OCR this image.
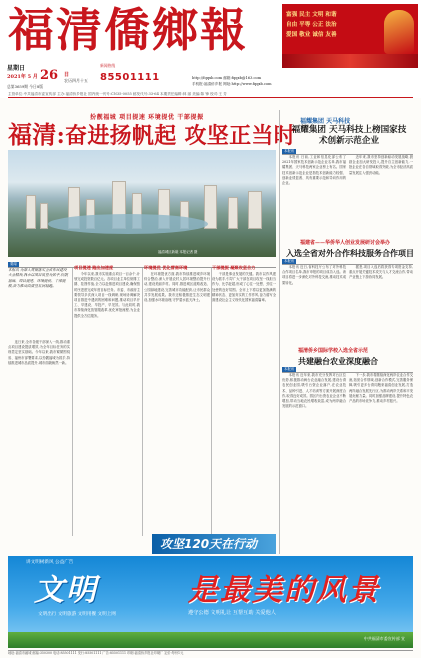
福清僑鄉報	富强 民主 文明 和谐
自由 平等 公正 法治
爱国 敬业 诚信 友善
星期日
2021年 5 月 26 日
农历四月十五
总第3659期 今日8版
新闻热线
85501111	http://fqqxb.com 邮箱:fqqxb@163.com
手机报:福清侨乡报 网址:http://www.fqqxb.com
主管单位:中共福清市委宣传部 主办:福清侨乡报社 国内统一刊号:CN35-0055 邮发代号:33-64 本期责任编辑:林 丽 美编:陈 锋 校对:王 芳
扮靓福城 项目提速 环境提优 干部提振
福清:奋进扬帆起 攻坚正当时
福清城区新貌 本报记者 摄
要闻
本报讯 为深入贯彻落实全省作风建设大会精神,我市以项目攻坚为抓手,扮靓福城、项目提速、环境提优、干部提振,奋力推动高质量发展超越。

连日来,全市各级干部深入一线,推动重点项目建设提质增效,为全年目标任务的实现奠定坚实基础。今年以来,我市紧紧围绕省、福州市部署要求,以扮靓福城为抓手,持续推进城市品质提升,城市面貌焕然一新。

项目提速 跑出加速度

今年以来,我市实施重点项目一百余个,计划完成投资数百亿元。各项目业主单位倒排工期、挂图作战,全力以赴推进项目建设,确保按时序进度完成年度目标任务。市委、市政府主要领导多次深入项目一线调研,现场协调解决项目推进中遇到的困难和问题,推动项目早开工、早建设、早投产、早见效。与此同时,我市持续深化放管服改革,优化审批流程,为企业提供全方位服务。

环境提优 优化营商环境

在环境提优方面,我市持续推进城乡环境综合整治,深入开展农村人居环境整治提升行动,建设美丽乡村。同时,推进城区道路改造、公园绿地建设,完善城市功能配套,让市民群众共享发展成果。我市还积极推进生态文明建设,加强水环境治理,守护碧水蓝天净土。

干部提振 凝聚攻坚合力

干部是事业发展的关键。我市以作风建设为抓手,引导广大干部在项目攻坚一线担当作为、比学赶超,形成了心往一处想、劲往一处使的良好氛围。全市上下将以更加饱满的精神状态、更加务实的工作作风,奋力谱写全面建设社会主义现代化国家福清篇章。

攻坚120天在行动
福耀集团 天马科技
福耀集团 天马科技上榜国家技术创新示范企业
本报讯

本报讯 日前,工业和信息化部公布了2021年国家技术创新示范企业名单,我市福耀集团、天马科技两家企业榜上有名。国家技术创新示范企业是指技术创新能力较强、创新业绩显著、具有重要示范和导向作用的企业。

近年来,我市坚持创新驱动发展战略,鼓励企业加大研发投入,提升自主创新能力,一批企业在各自领域取得突破,为全市经济高质量发展注入强劲动能。

福建省——华侨华人创业发展研讨会举办
入选全省对外合作科技服务合作项目
本报讯

本报讯 近日,省科技厅公布了对外科技合作项目名单,我市申报的项目成功入选。该项目将进一步深化对外科技交流,推动技术成果转化。

据悉,项目入选后将获得专项资金支持,重点开展关键技术攻关与人才交流合作,带动产业链上下游协同发展。

福清侨乡国际学校入选全省示范
共建融台农业深度融合
本报讯

本报讯 近年来,我市充分发挥对台区位优势,积极推动闽台农业融合发展,建设台湾农民创业园,吸引台资企业落户,在农业技术、品种引进、人才培训等方面开展深度合作,取得良好成效。园区内台资农业企业不断增加,带动当地农民增收致富,成为两岸融合发展的示范窗口。

下一步,我市将继续深化两岸农业合作交流,拓宽合作领域,创新合作模式,完善服务保障,吸引更多台湾同胞来福清创业发展,打造两岸融合发展先行区,为推动两岸关系和平发展贡献力量。同时加强品牌建设,提升特色农产品的市场竞争力,推动乡村振兴。

讲文明树新风 公益广告
文明	是最美的风景
文明出行 文明旅游 文明用餐 文明上网	遵守公德 文明礼让 互帮互助 关爱他人
中共福清市委宣传部 宣
地址:福清市融城 邮编:350300 电话:85501111 发行:85501111 广告:85501111 印刷:福清侨乡报社印刷厂 定价:每份1元
